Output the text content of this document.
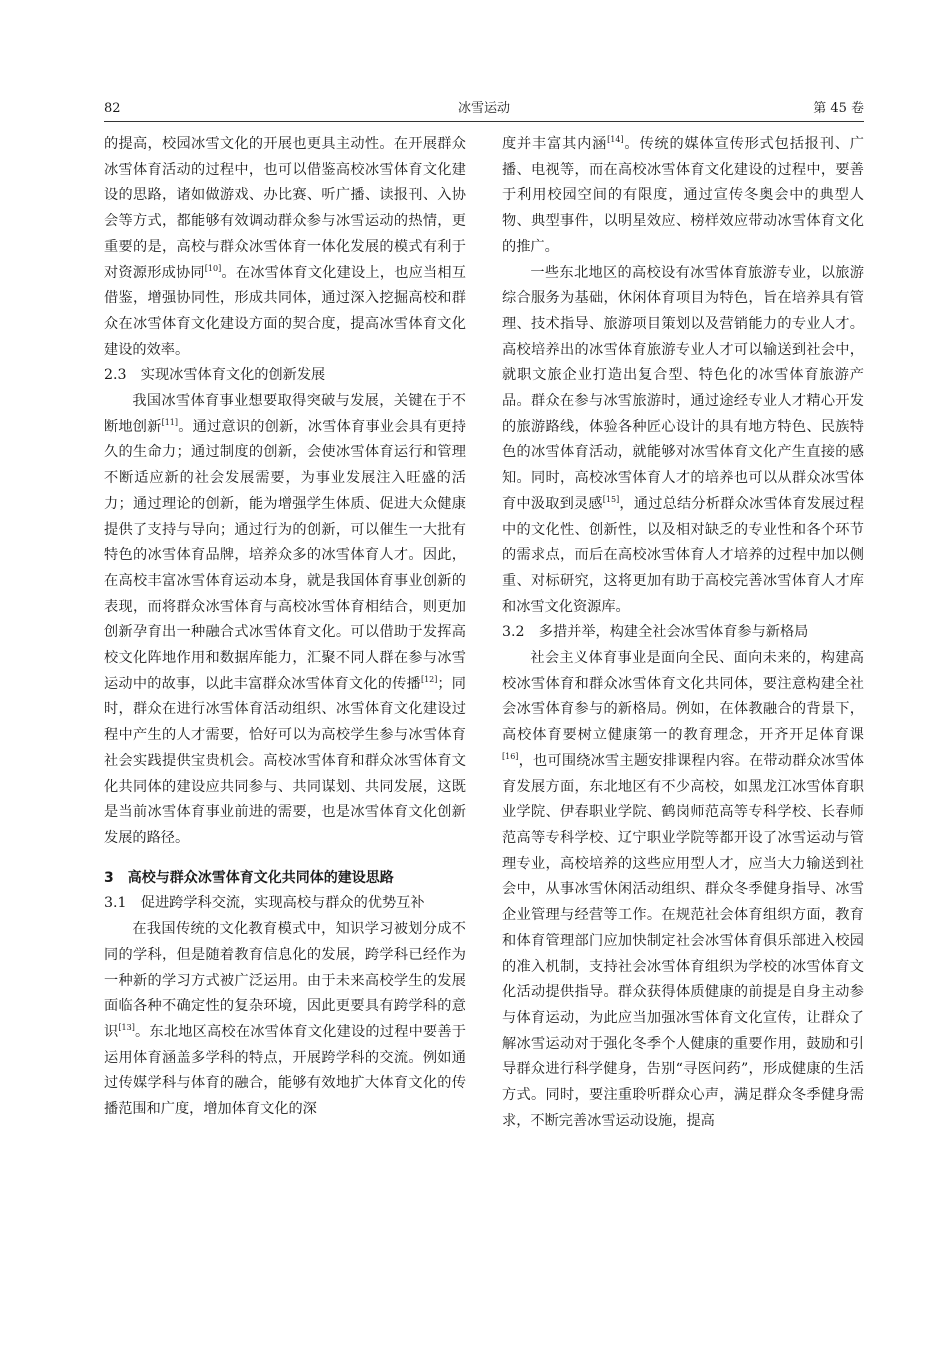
82	冰雪运动	第 45 卷

的提高，校园冰雪文化的开展也更具主动性。在开展群众冰雪体育活动的过程中，也可以借鉴高校冰雪体育文化建设的思路，诸如做游戏、办比赛、听广播、读报刊、入协会等方式，都能够有效调动群众参与冰雪运动的热情，更重要的是，高校与群众冰雪体育一体化发展的模式有利于对资源形成协同[10]。在冰雪体育文化建设上，也应当相互借鉴，增强协同性，形成共同体，通过深入挖掘高校和群众在冰雪体育文化建设方面的契合度，提高冰雪体育文化建设的效率。

2.3　实现冰雪体育文化的创新发展

我国冰雪体育事业想要取得突破与发展，关键在于不断地创新[11]。通过意识的创新，冰雪体育事业会具有更持久的生命力；通过制度的创新，会使冰雪体育运行和管理不断适应新的社会发展需要，为事业发展注入旺盛的活力；通过理论的创新，能为增强学生体质、促进大众健康提供了支持与导向；通过行为的创新，可以催生一大批有特色的冰雪体育品牌，培养众多的冰雪体育人才。因此，在高校丰富冰雪体育运动本身，就是我国体育事业创新的表现，而将群众冰雪体育与高校冰雪体育相结合，则更加创新孕育出一种融合式冰雪体育文化。可以借助于发挥高校文化阵地作用和数据库能力，汇聚不同人群在参与冰雪运动中的故事，以此丰富群众冰雪体育文化的传播[12]；同时，群众在进行冰雪体育活动组织、冰雪体育文化建设过程中产生的人才需要，恰好可以为高校学生参与冰雪体育社会实践提供宝贵机会。高校冰雪体育和群众冰雪体育文化共同体的建设应共同参与、共同谋划、共同发展，这既是当前冰雪体育事业前进的需要，也是冰雪体育文化创新发展的路径。

3　高校与群众冰雪体育文化共同体的建设思路
3.1　促进跨学科交流，实现高校与群众的优势互补

在我国传统的文化教育模式中，知识学习被划分成不同的学科，但是随着教育信息化的发展，跨学科已经作为一种新的学习方式被广泛运用。由于未来高校学生的发展面临各种不确定性的复杂环境，因此更要具有跨学科的意识[13]。东北地区高校在冰雪体育文化建设的过程中要善于运用体育涵盖多学科的特点，开展跨学科的交流。例如通过传媒学科与体育的融合，能够有效地扩大体育文化的传播范围和广度，增加体育文化的深

度并丰富其内涵[14]。传统的媒体宣传形式包括报刊、广播、电视等，而在高校冰雪体育文化建设的过程中，要善于利用校园空间的有限度，通过宣传冬奥会中的典型人物、典型事件，以明星效应、榜样效应带动冰雪体育文化的推广。

一些东北地区的高校设有冰雪体育旅游专业，以旅游综合服务为基础，休闲体育项目为特色，旨在培养具有管理、技术指导、旅游项目策划以及营销能力的专业人才。高校培养出的冰雪体育旅游专业人才可以输送到社会中，就职文旅企业打造出复合型、特色化的冰雪体育旅游产品。群众在参与冰雪旅游时，通过途经专业人才精心开发的旅游路线，体验各种匠心设计的具有地方特色、民族特色的冰雪体育活动，就能够对冰雪体育文化产生直接的感知。同时，高校冰雪体育人才的培养也可以从群众冰雪体育中汲取到灵感[15]，通过总结分析群众冰雪体育发展过程中的文化性、创新性，以及相对缺乏的专业性和各个环节的需求点，而后在高校冰雪体育人才培养的过程中加以侧重、对标研究，这将更加有助于高校完善冰雪体育人才库和冰雪文化资源库。

3.2　多措并举，构建全社会冰雪体育参与新格局

社会主义体育事业是面向全民、面向未来的，构建高校冰雪体育和群众冰雪体育文化共同体，要注意构建全社会冰雪体育参与的新格局。例如，在体教融合的背景下，高校体育要树立健康第一的教育理念，开齐开足体育课[16]，也可围绕冰雪主题安排课程内容。在带动群众冰雪体育发展方面，东北地区有不少高校，如黑龙江冰雪体育职业学院、伊春职业学院、鹤岗师范高等专科学校、长春师范高等专科学校、辽宁职业学院等都开设了冰雪运动与管理专业，高校培养的这些应用型人才，应当大力输送到社会中，从事冰雪休闲活动组织、群众冬季健身指导、冰雪企业管理与经营等工作。在规范社会体育组织方面，教育和体育管理部门应加快制定社会冰雪体育俱乐部进入校园的准入机制，支持社会冰雪体育组织为学校的冰雪体育文化活动提供指导。群众获得体质健康的前提是自身主动参与体育运动，为此应当加强冰雪体育文化宣传，让群众了解冰雪运动对于强化冬季个人健康的重要作用，鼓励和引导群众进行科学健身，告别“寻医问药”，形成健康的生活方式。同时，要注重聆听群众心声，满足群众冬季健身需求，不断完善冰雪运动设施，提高
